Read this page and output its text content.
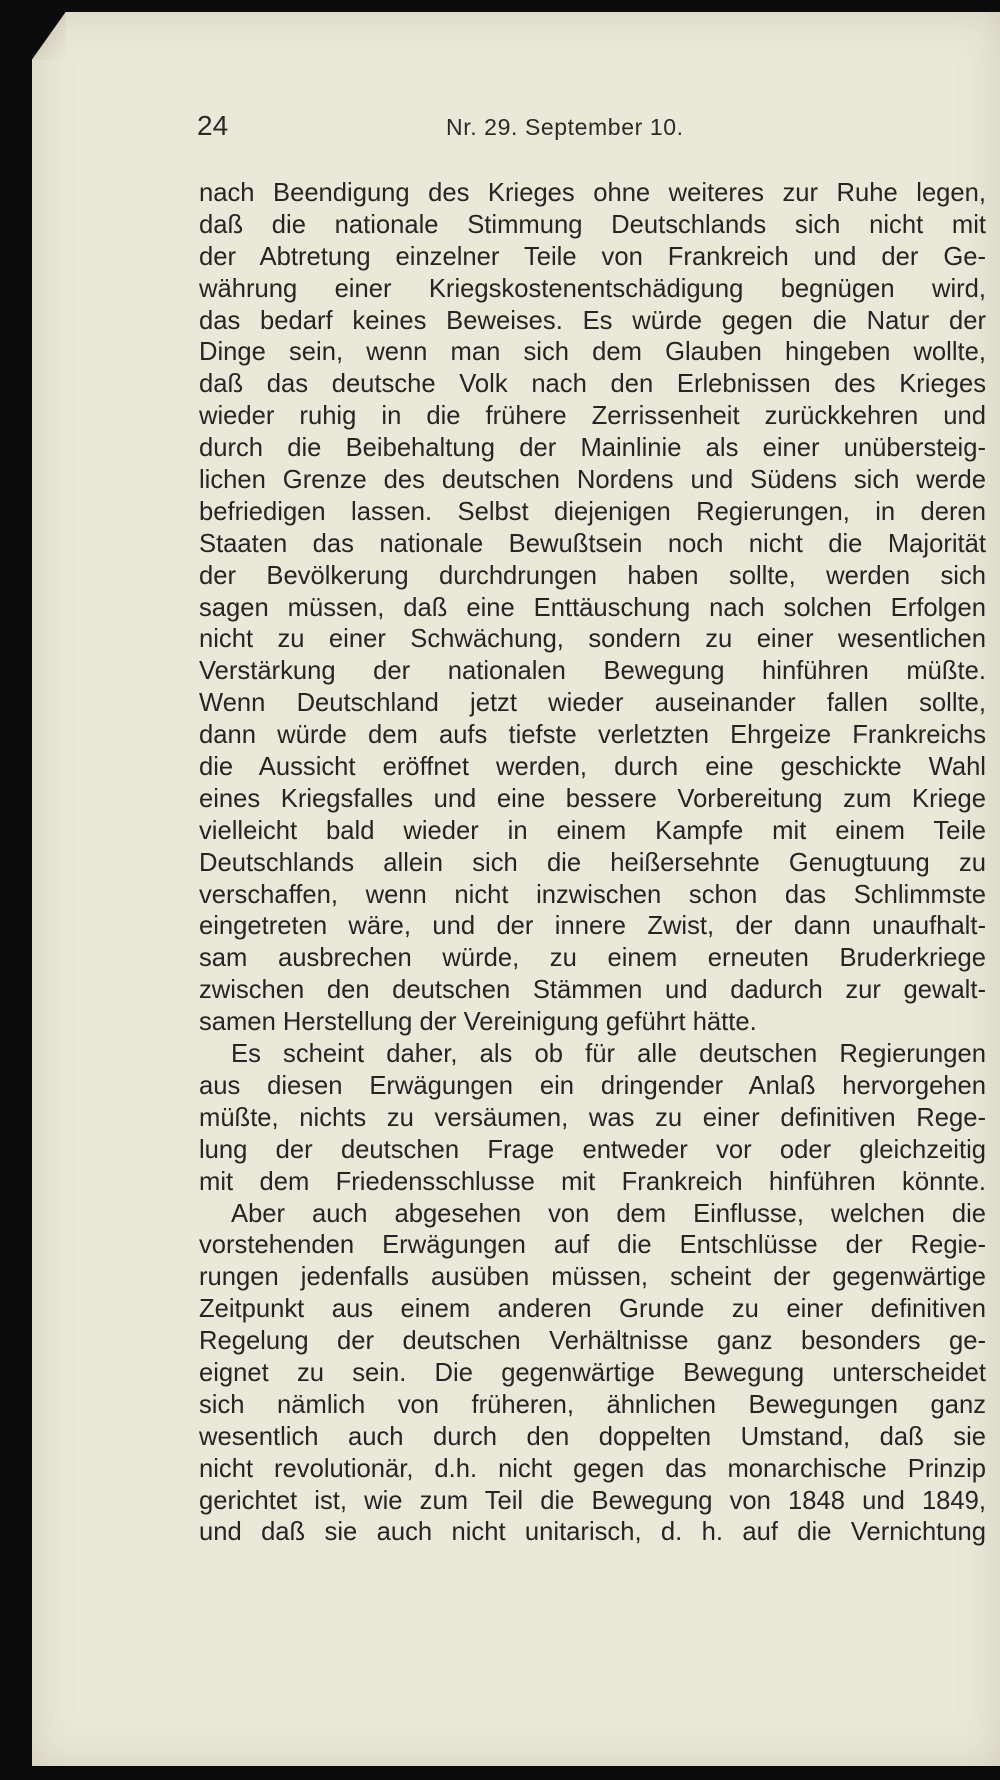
24	Nr. 29. September 10.
nach Beendigung des Krieges ohne weiteres zur Ruhe legen,
daß die nationale Stimmung Deutschlands sich nicht mit
der Abtretung einzelner Teile von Frankreich und der Ge-
währung einer Kriegskostenentschädigung begnügen wird,
das bedarf keines Beweises. Es würde gegen die Natur der
Dinge sein, wenn man sich dem Glauben hingeben wollte,
daß das deutsche Volk nach den Erlebnissen des Krieges
wieder ruhig in die frühere Zerrissenheit zurückkehren und
durch die Beibehaltung der Mainlinie als einer unübersteig-
lichen Grenze des deutschen Nordens und Südens sich werde
befriedigen lassen. Selbst diejenigen Regierungen, in deren
Staaten das nationale Bewußtsein noch nicht die Majorität
der Bevölkerung durchdrungen haben sollte, werden sich
sagen müssen, daß eine Enttäuschung nach solchen Erfolgen
nicht zu einer Schwächung, sondern zu einer wesentlichen
Verstärkung der nationalen Bewegung hinführen müßte.
Wenn Deutschland jetzt wieder auseinander fallen sollte,
dann würde dem aufs tiefste verletzten Ehrgeize Frankreichs
die Aussicht eröffnet werden, durch eine geschickte Wahl
eines Kriegsfalles und eine bessere Vorbereitung zum Kriege
vielleicht bald wieder in einem Kampfe mit einem Teile
Deutschlands allein sich die heißersehnte Genugtuung zu
verschaffen, wenn nicht inzwischen schon das Schlimmste
eingetreten wäre, und der innere Zwist, der dann unaufhalt-
sam ausbrechen würde, zu einem erneuten Bruderkriege
zwischen den deutschen Stämmen und dadurch zur gewalt-
samen Herstellung der Vereinigung geführt hätte.
Es scheint daher, als ob für alle deutschen Regierungen
aus diesen Erwägungen ein dringender Anlaß hervorgehen
müßte, nichts zu versäumen, was zu einer definitiven Rege-
lung der deutschen Frage entweder vor oder gleichzeitig
mit dem Friedensschlusse mit Frankreich hinführen könnte.
Aber auch abgesehen von dem Einflusse, welchen die
vorstehenden Erwägungen auf die Entschlüsse der Regie-
rungen jedenfalls ausüben müssen, scheint der gegenwärtige
Zeitpunkt aus einem anderen Grunde zu einer definitiven
Regelung der deutschen Verhältnisse ganz besonders ge-
eignet zu sein. Die gegenwärtige Bewegung unterscheidet
sich nämlich von früheren, ähnlichen Bewegungen ganz
wesentlich auch durch den doppelten Umstand, daß sie
nicht revolutionär, d.h. nicht gegen das monarchische Prinzip
gerichtet ist, wie zum Teil die Bewegung von 1848 und 1849,
und daß sie auch nicht unitarisch, d. h. auf die Vernichtung
